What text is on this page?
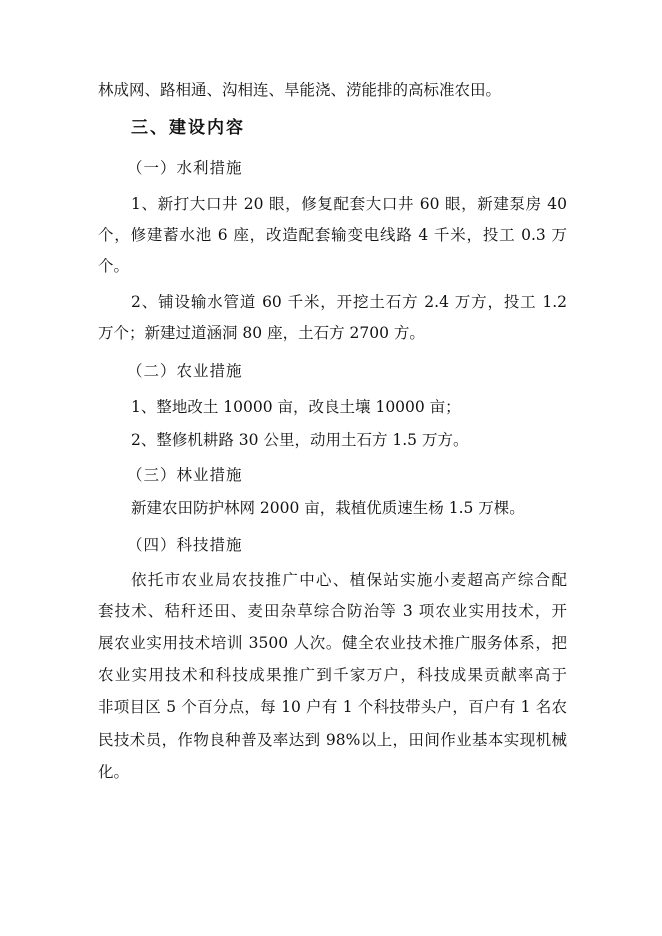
林成网、路相通、沟相连、旱能浇、涝能排的高标准农田。
三、建设内容
（一）水利措施
1、新打大口井 20 眼，修复配套大口井 60 眼，新建泵房 40
个，修建蓄水池 6 座，改造配套输变电线路 4 千米，投工 0.3 万
个。
2、铺设输水管道 60 千米，开挖土石方 2.4 万方，投工 1.2
万个；新建过道涵洞 80 座，土石方 2700 方。
（二）农业措施
1、整地改土 10000 亩，改良土壤 10000 亩；
2、整修机耕路 30 公里，动用土石方 1.5 万方。
（三）林业措施
新建农田防护林网 2000 亩，栽植优质速生杨 1.5 万棵。
（四）科技措施
依托市农业局农技推广中心、植保站实施小麦超高产综合配
套技术、秸秆还田、麦田杂草综合防治等 3 项农业实用技术，开
展农业实用技术培训 3500 人次。健全农业技术推广服务体系，把
农业实用技术和科技成果推广到千家万户，科技成果贡献率高于
非项目区 5 个百分点，每 10 户有 1 个科技带头户，百户有 1 名农
民技术员，作物良种普及率达到 98%以上，田间作业基本实现机械
化。
